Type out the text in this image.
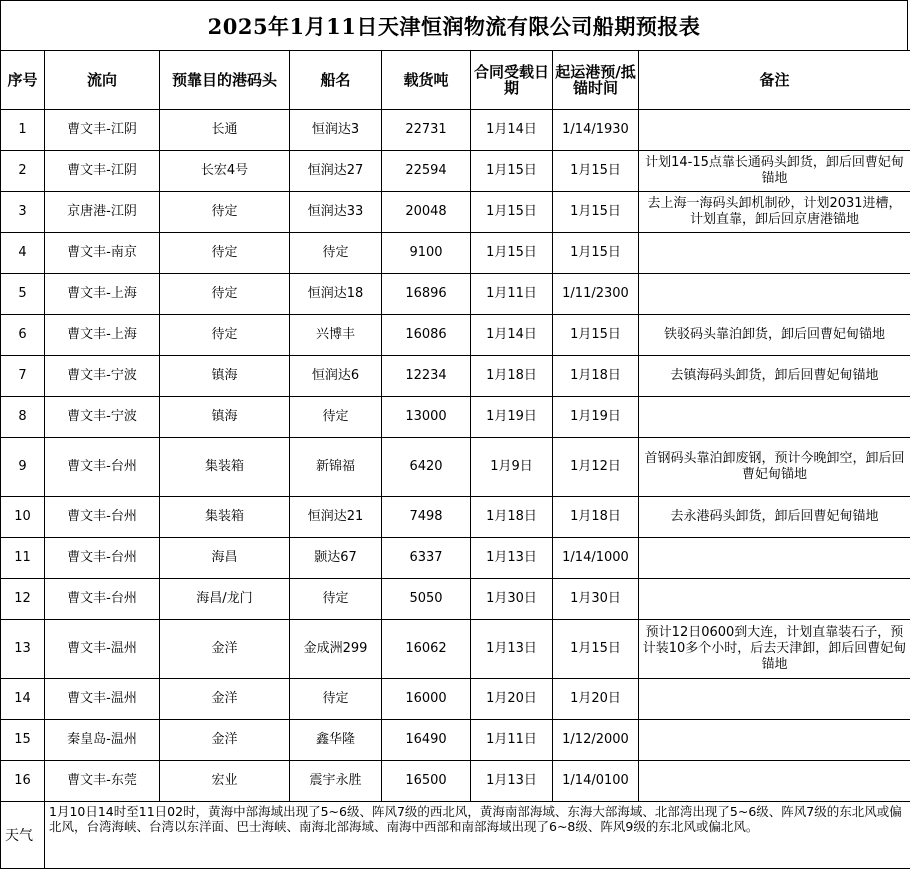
2025年1月11日天津恒润物流有限公司船期预报表
序号	流向	预靠目的港码头	船名	载货吨	合同受载日期	起运港预/抵锚时间	备注
1	曹文丰-江阴	长通	恒润达3	22731	1月14日	1/14/1930	
2	曹文丰-江阴	长宏4号	恒润达27	22594	1月15日	1月15日	计划14-15点靠长通码头卸货，卸后回曹妃甸锚地
3	京唐港-江阴	待定	恒润达33	20048	1月15日	1月15日	去上海一海码头卸机制砂，计划2031进槽，计划直靠，卸后回京唐港锚地
4	曹文丰-南京	待定	待定	9100	1月15日	1月15日	
5	曹文丰-上海	待定	恒润达18	16896	1月11日	1/11/2300	
6	曹文丰-上海	待定	兴博丰	16086	1月14日	1月15日	铁驳码头靠泊卸货，卸后回曹妃甸锚地
7	曹文丰-宁波	镇海	恒润达6	12234	1月18日	1月18日	去镇海码头卸货，卸后回曹妃甸锚地
8	曹文丰-宁波	镇海	待定	13000	1月19日	1月19日	
9	曹文丰-台州	集装箱	新锦福	6420	1月9日	1月12日	首钢码头靠泊卸废钢，预计今晚卸空，卸后回曹妃甸锚地
10	曹文丰-台州	集装箱	恒润达21	7498	1月18日	1月18日	去永港码头卸货，卸后回曹妃甸锚地
11	曹文丰-台州	海昌	颢达67	6337	1月13日	1/14/1000	
12	曹文丰-台州	海昌/龙门	待定	5050	1月30日	1月30日	
13	曹文丰-温州	金洋	金成洲299	16062	1月13日	1月15日	预计12日0600到大连，计划直靠装石子，预计装10多个小时，后去天津卸，卸后回曹妃甸锚地
14	曹文丰-温州	金洋	待定	16000	1月20日	1月20日	
15	秦皇岛-温州	金洋	鑫华隆	16490	1月11日	1/12/2000	
16	曹文丰-东莞	宏业	震宇永胜	16500	1月13日	1/14/0100	
天气	1月10日14时至11日02时，黄海中部海域出现了5~6级、阵风7级的西北风，黄海南部海域、东海大部海域、北部湾出现了5~6级、阵风7级的东北风或偏北风，台湾海峡、台湾以东洋面、巴士海峡、南海北部海域、南海中西部和南部海域出现了6~8级、阵风9级的东北风或偏北风。						
